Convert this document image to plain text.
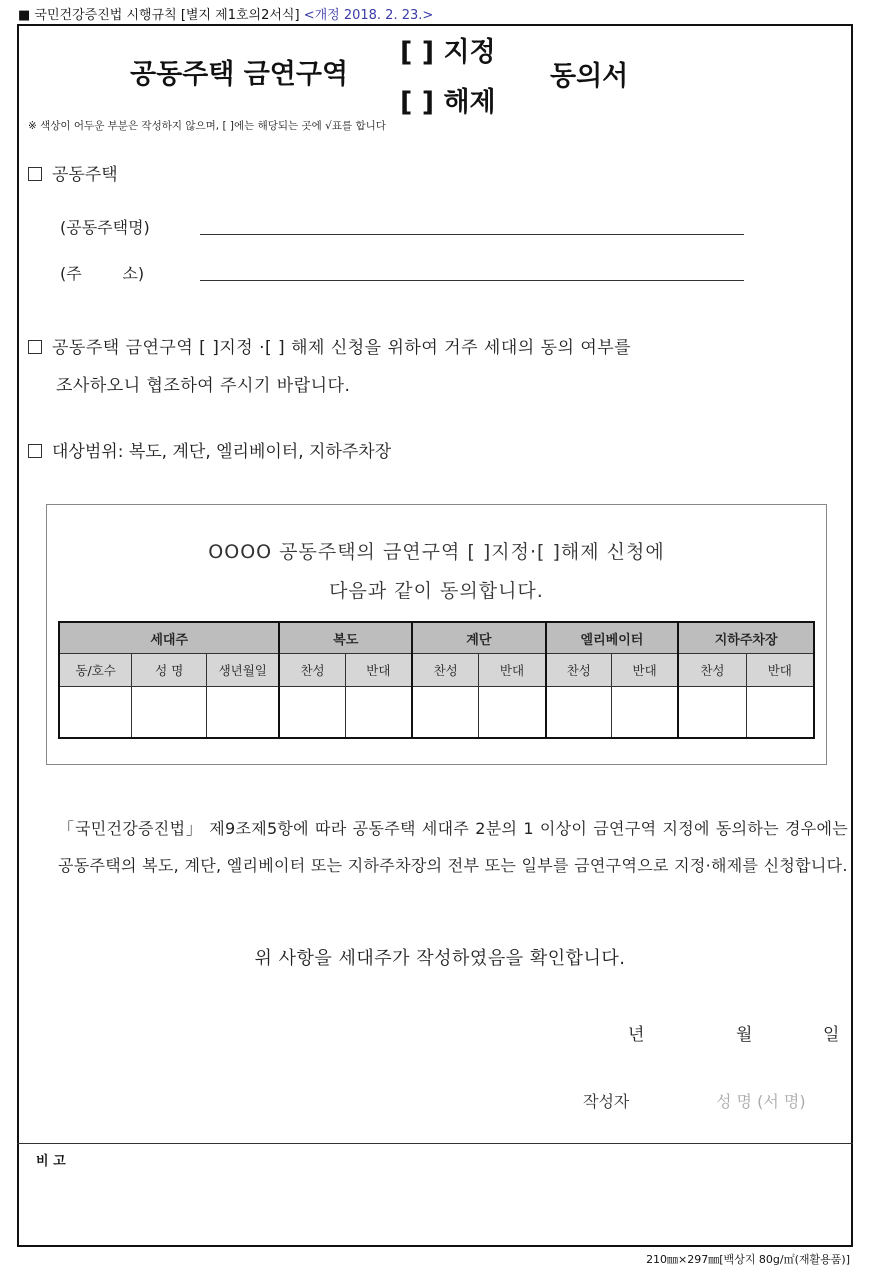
■ 국민건강증진법 시행규칙 [별지 제1호의2서식] <개정 2018. 2. 23.>
공동주택 금연구역
[ ] 지정
[ ] 해제
동의서
※ 색상이 어두운 부분은 작성하지 않으며, [ ]에는 해당되는 곳에 √표를 합니다
공동주택
(공동주택명)
(주        소)
공동주택 금연구역 [ ]지정 ·[ ] 해제 신청을 위하여 거주 세대의 동의 여부를
조사하오니 협조하여 주시기 바랍니다.
대상범위: 복도, 계단, 엘리베이터, 지하주차장
OOOO 공동주택의 금연구역 [ ]지정·[ ]해제 신청에
다음과 같이 동의합니다.
세대주			복도		계단		엘리베이터		지하주차장	
동/호수	성 명	생년월일	찬성	반대	찬성	반대	찬성	반대	찬성	반대

「국민건강증진법」 제9조제5항에 따라 공동주택 세대주 2분의 1 이상이 금연구역 지정에 동의하는 경우에는 공동주택의 복도, 계단, 엘리베이터 또는 지하주차장의 전부 또는 일부를 금연구역으로 지정·해제를 신청합니다.
위 사항을 세대주가 작성하였음을 확인합니다.
년	월	일
작성자	성 명 (서 명)
비 고
210㎜×297㎜[백상지 80g/㎡(재활용품)]
